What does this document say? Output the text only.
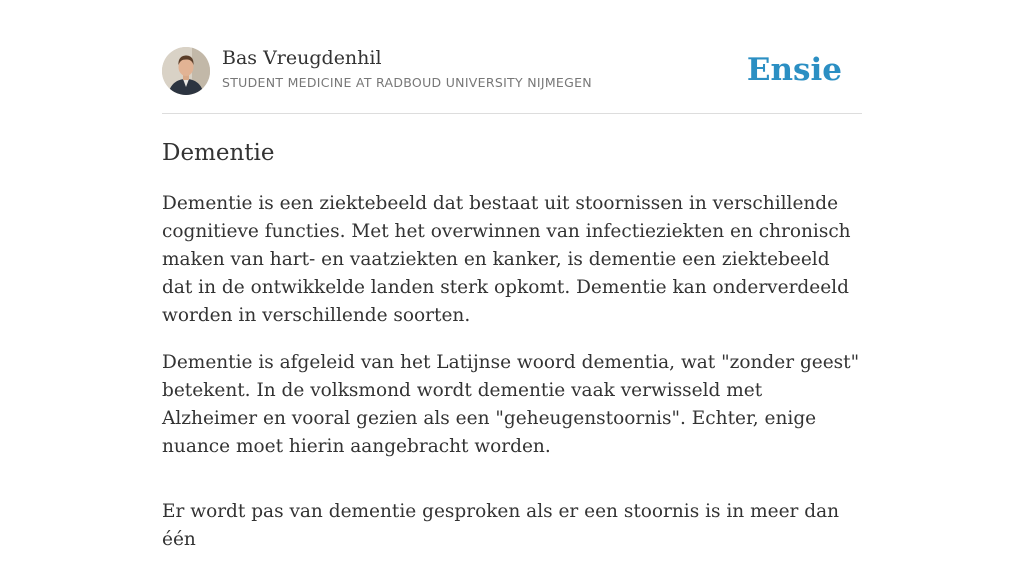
Bas Vreugdenhil
STUDENT MEDICINE AT RADBOUD UNIVERSITY NIJMEGEN	Ensie
Dementie

Dementie is een ziektebeeld dat bestaat uit stoornissen in verschillende cognitieve functies. Met het overwinnen van infectieziekten en chronisch maken van hart- en vaatziekten en kanker, is dementie een ziektebeeld dat in de ontwikkelde landen sterk opkomt. Dementie kan onderverdeeld worden in verschillende soorten.

Dementie is afgeleid van het Latijnse woord dementia, wat "zonder geest" betekent. In de volksmond wordt dementie vaak verwisseld met Alzheimer en vooral gezien als een "geheugenstoornis". Echter, enige nuance moet hierin aangebracht worden.

Er wordt pas van dementie gesproken als er een stoornis is in meer dan één
